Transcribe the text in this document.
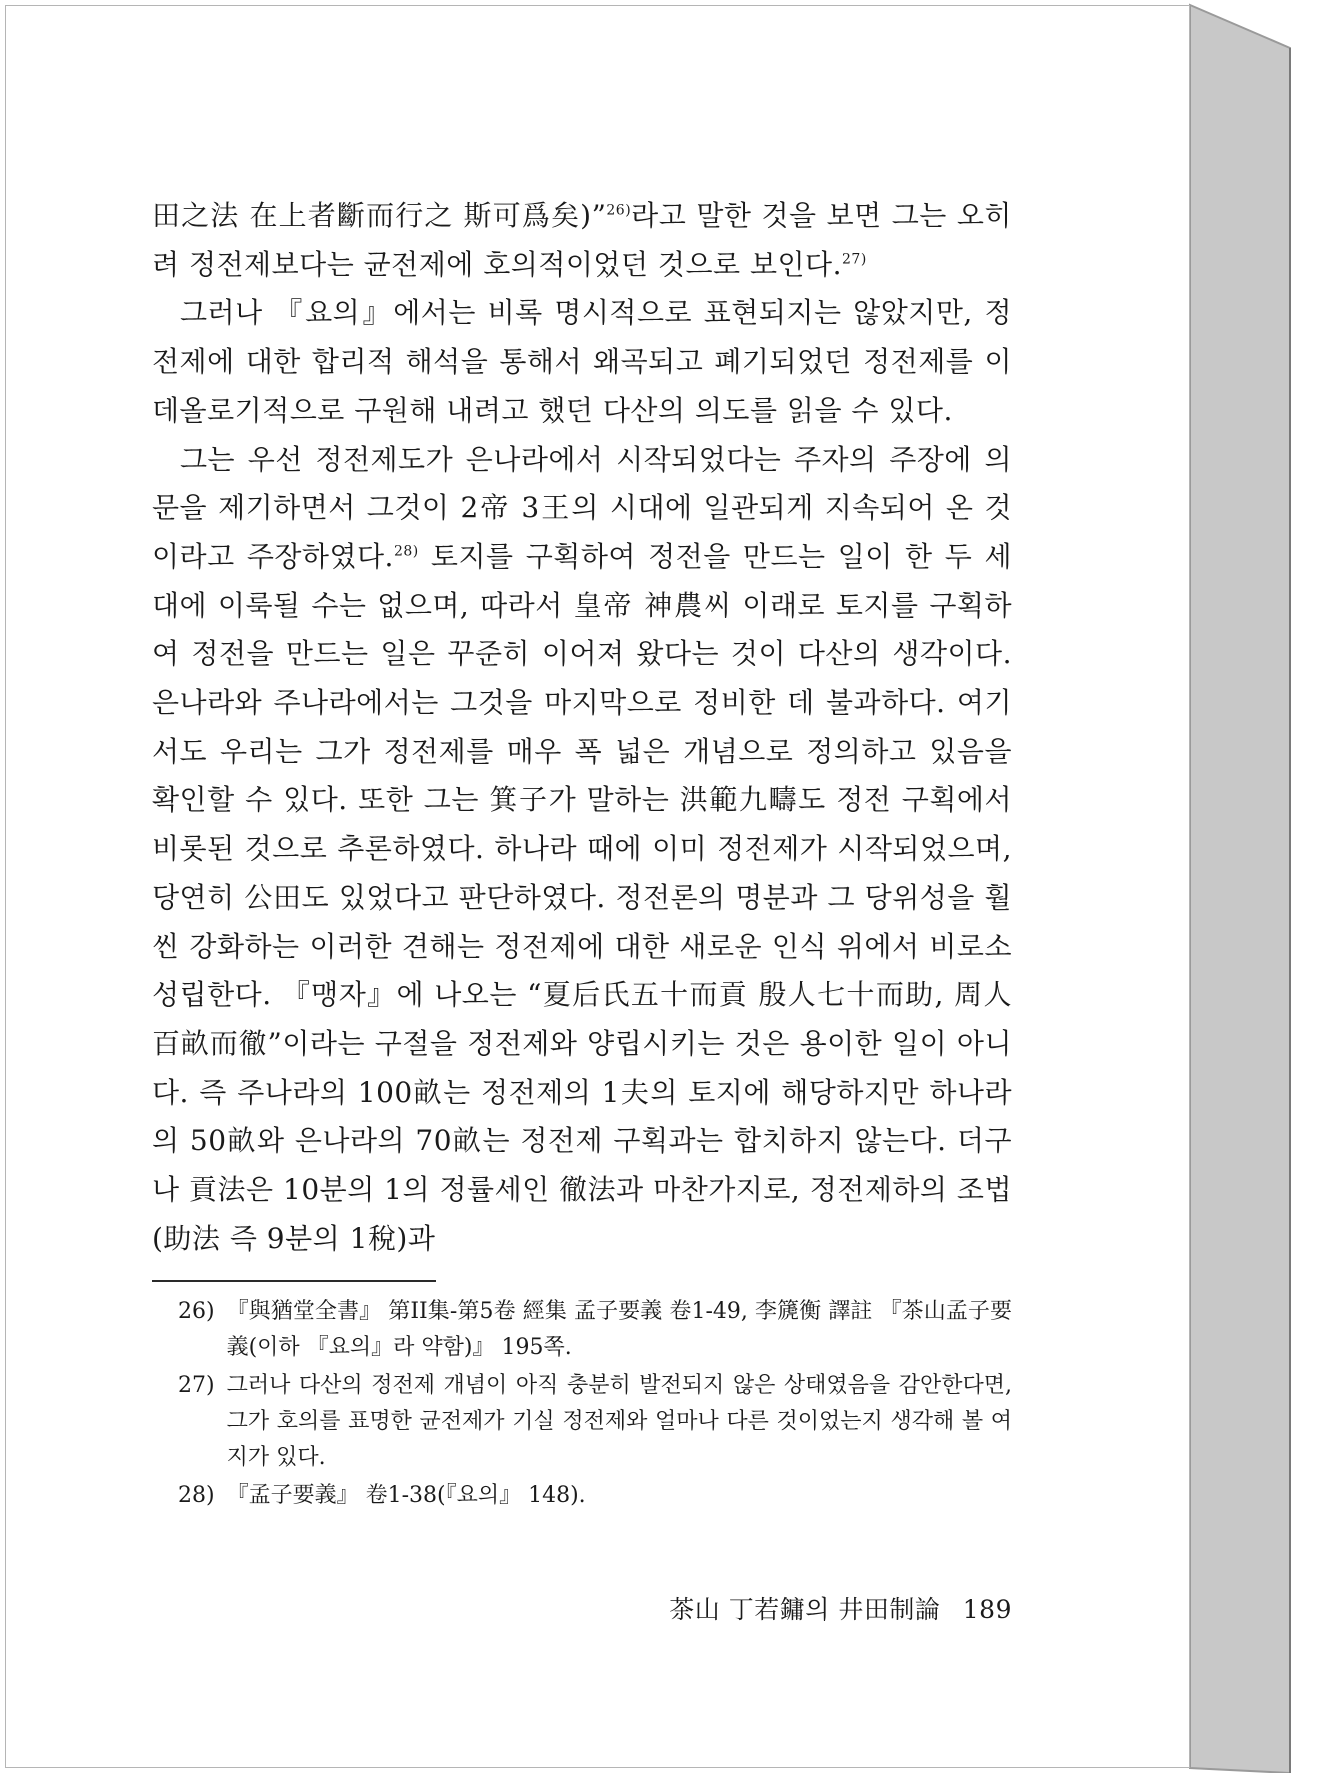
田之法 在上者斷而行之 斯可爲矣)”$^{26)}$라고 말한 것을 보면 그는 오히려 정전제보다는 균전제에 호의적이었던 것으로 보인다.$^{27)}$

그러나 『요의』에서는 비록 명시적으로 표현되지는 않았지만, 정전제에 대한 합리적 해석을 통해서 왜곡되고 폐기되었던 정전제를 이데올로기적으로 구원해 내려고 했던 다산의 의도를 읽을 수 있다.

그는 우선 정전제도가 은나라에서 시작되었다는 주자의 주장에 의문을 제기하면서 그것이 2帝 3王의 시대에 일관되게 지속되어 온 것이라고 주장하였다.$^{28)}$ 토지를 구획하여 정전을 만드는 일이 한 두 세대에 이룩될 수는 없으며, 따라서 皇帝 神農씨 이래로 토지를 구획하여 정전을 만드는 일은 꾸준히 이어져 왔다는 것이 다산의 생각이다. 은나라와 주나라에서는 그것을 마지막으로 정비한 데 불과하다. 여기서도 우리는 그가 정전제를 매우 폭 넓은 개념으로 정의하고 있음을 확인할 수 있다. 또한 그는 箕子가 말하는 洪範九疇도 정전 구획에서 비롯된 것으로 추론하였다. 하나라 때에 이미 정전제가 시작되었으며, 당연히 公田도 있었다고 판단하였다. 정전론의 명분과 그 당위성을 훨씬 강화하는 이러한 견해는 정전제에 대한 새로운 인식 위에서 비로소 성립한다. 『맹자』에 나오는 “夏后氏五十而貢 殷人七十而助, 周人百畝而徹”이라는 구절을 정전제와 양립시키는 것은 용이한 일이 아니다. 즉 주나라의 100畝는 정전제의 1夫의 토지에 해당하지만 하나라의 50畝와 은나라의 70畝는 정전제 구획과는 합치하지 않는다. 더구나 貢法은 10분의 1의 정률세인 徹法과 마찬가지로, 정전제하의 조법(助法 즉 9분의 1稅)과

26) 『與猶堂全書』 第II集-第5卷 經集 孟子要義 卷1-49, 李篪衡 譯註 『茶山孟子要義(이하 『요의』라 약함)』 195쪽.
27) 그러나 다산의 정전제 개념이 아직 충분히 발전되지 않은 상태였음을 감안한다면, 그가 호의를 표명한 균전제가 기실 정전제와 얼마나 다른 것이었는지 생각해 볼 여지가 있다.
28) 『孟子要義』 卷1-38(『요의』 148).
茶山 丁若鏞의 井田制論 189
